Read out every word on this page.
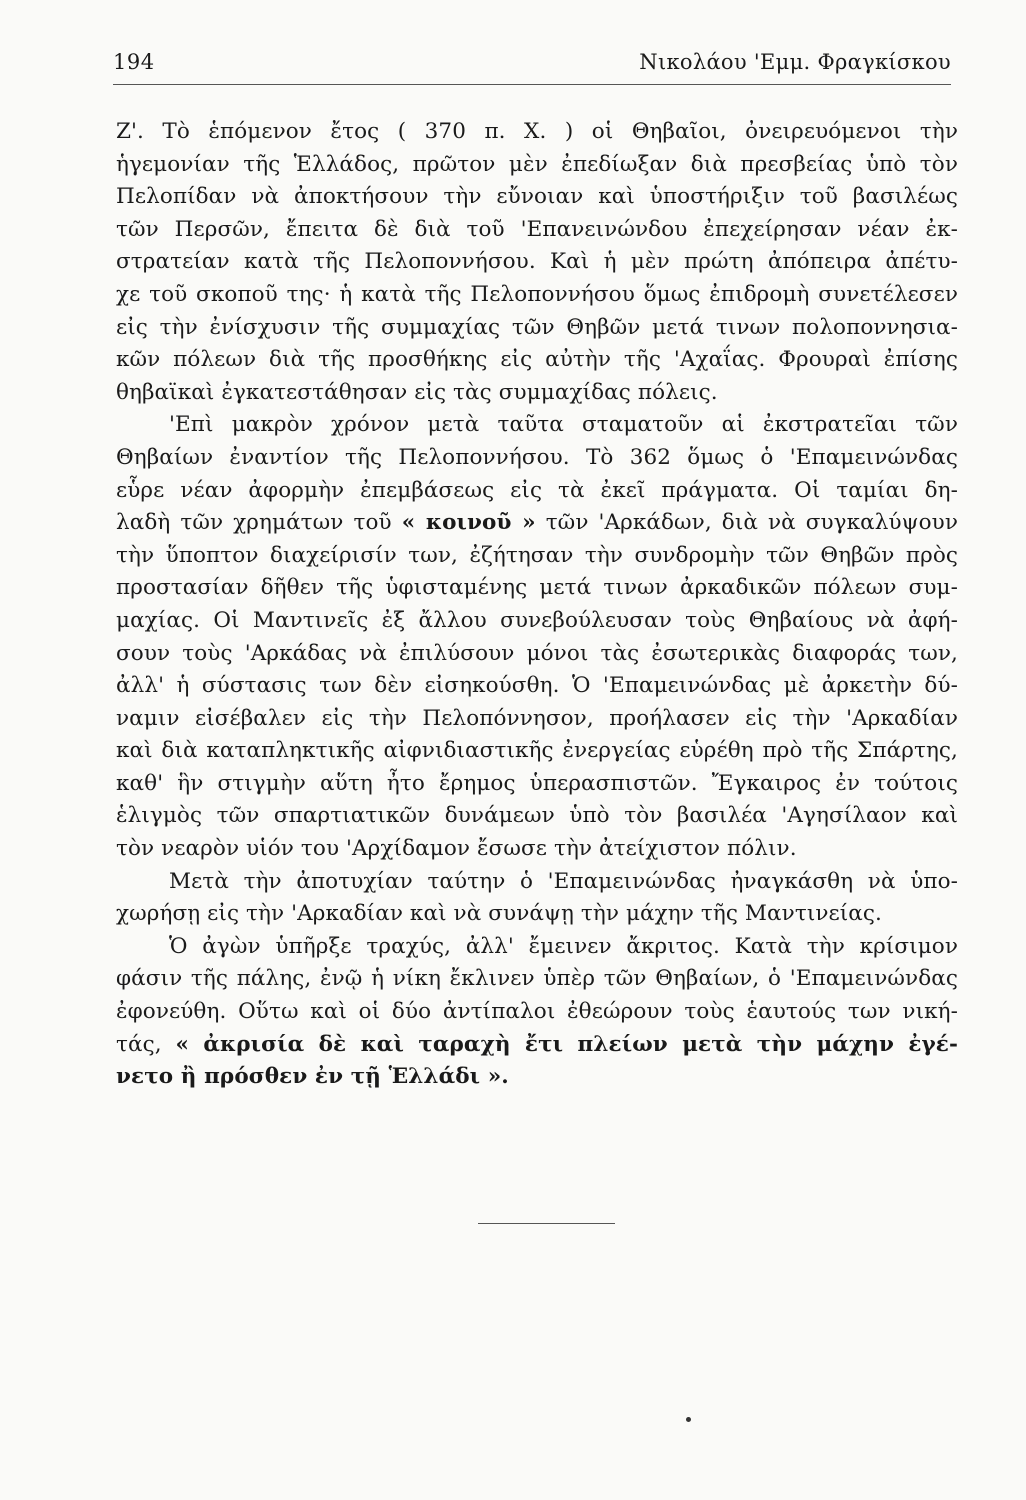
194	Νικολάου 'Εμμ. Φραγκίσκου
Ζ'. Τὸ ἑπόμενον ἔτος ( 370 π. Χ. ) οἱ Θηβαῖοι, ὀνειρευόμενοι τὴν
ἡγεμονίαν τῆς Ἑλλάδος, πρῶτον μὲν ἐπεδίωξαν διὰ πρεσβείας ὑπὸ τὸν
Πελοπίδαν νὰ ἀποκτήσουν τὴν εὔνοιαν καὶ ὑποστήριξιν τοῦ βασιλέως
τῶν Περσῶν, ἔπειτα δὲ διὰ τοῦ 'Επανεινώνδου ἐπεχείρησαν νέαν ἐκ-
στρατείαν κατὰ τῆς Πελοποννήσου. Καὶ ἡ μὲν πρώτη ἀπόπειρα ἀπέτυ-
χε τοῦ σκοποῦ της· ἡ κατὰ τῆς Πελοποννήσου ὅμως ἐπιδρομὴ συνετέλεσεν
εἰς τὴν ἐνίσχυσιν τῆς συμμαχίας τῶν Θηβῶν μετά τινων πολοποννησια-
κῶν πόλεων διὰ τῆς προσθήκης εἰς αὐτὴν τῆς 'Αχαΐας. Φρουραὶ ἐπίσης
θηβαϊκαὶ ἐγκατεστάθησαν εἰς τὰς συμμαχίδας πόλεις.
'Επὶ μακρὸν χρόνον μετὰ ταῦτα σταματοῦν αἱ ἐκστρατεῖαι τῶν
Θηβαίων ἐναντίον τῆς Πελοποννήσου. Τὸ 362 ὅμως ὁ 'Επαμεινώνδας
εὗρε νέαν ἀφορμὴν ἐπεμβάσεως εἰς τὰ ἐκεῖ πράγματα. Οἱ ταμίαι δη-
λαδὴ τῶν χρημάτων τοῦ « κοινοῦ » τῶν 'Αρκάδων, διὰ νὰ συγκαλύψουν
τὴν ὕποπτον διαχείρισίν των, ἐζήτησαν τὴν συνδρομὴν τῶν Θηβῶν πρὸς
προστασίαν δῆθεν τῆς ὑφισταμένης μετά τινων ἀρκαδικῶν πόλεων συμ-
μαχίας. Οἱ Μαντινεῖς ἐξ ἄλλου συνεβούλευσαν τοὺς Θηβαίους νὰ ἀφή-
σουν τοὺς 'Αρκάδας νὰ ἐπιλύσουν μόνοι τὰς ἐσωτερικὰς διαφοράς των,
ἀλλ' ἡ σύστασις των δὲν εἰσηκούσθη. Ὁ 'Επαμεινώνδας μὲ ἀρκετὴν δύ-
ναμιν εἰσέβαλεν εἰς τὴν Πελοπόννησον, προήλασεν εἰς τὴν 'Αρκαδίαν
καὶ διὰ καταπληκτικῆς αἰφνιδιαστικῆς ἐνεργείας εὑρέθη πρὸ τῆς Σπάρτης,
καθ' ἣν στιγμὴν αὕτη ἦτο ἔρημος ὑπερασπιστῶν. Ἔγκαιρος ἐν τούτοις
ἑλιγμὸς τῶν σπαρτιατικῶν δυνάμεων ὑπὸ τὸν βασιλέα 'Αγησίλαον καὶ
τὸν νεαρὸν υἱόν του 'Αρχίδαμον ἔσωσε τὴν ἀτείχιστον πόλιν.
Μετὰ τὴν ἀποτυχίαν ταύτην ὁ 'Επαμεινώνδας ἠναγκάσθη νὰ ὑπο-
χωρήσῃ εἰς τὴν 'Αρκαδίαν καὶ νὰ συνάψῃ τὴν μάχην τῆς Μαντινείας.
Ὁ ἀγὼν ὑπῆρξε τραχύς, ἀλλ' ἔμεινεν ἄκριτος. Κατὰ τὴν κρίσιμον
φάσιν τῆς πάλης, ἐνῷ ἡ νίκη ἔκλινεν ὑπὲρ τῶν Θηβαίων, ὁ 'Επαμεινώνδας
ἐφονεύθη. Οὕτω καὶ οἱ δύο ἀντίπαλοι ἐθεώρουν τοὺς ἑαυτούς των νική-
τάς, « ἀκρισία δὲ καὶ ταραχὴ ἔτι πλείων μετὰ τὴν μάχην ἐγέ-
νετο ἢ πρόσθεν ἐν τῇ Ἑλλάδι ».
